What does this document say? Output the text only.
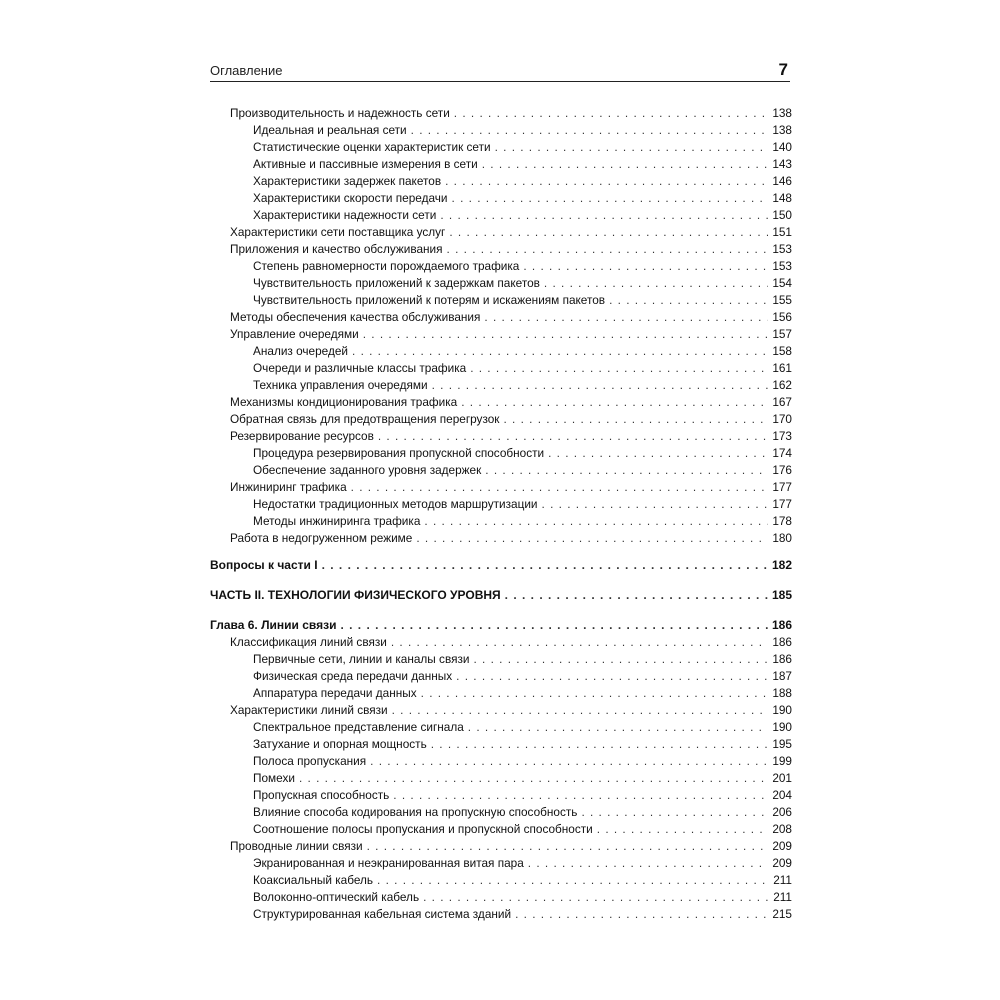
Оглавление	7
Производительность и надежность сети . . .	138
Идеальная и реальная сети . . .	138
Статистические оценки характеристик сети . . .	140
Активные и пассивные измерения в сети . . .	143
Характеристики задержек пакетов . . .	146
Характеристики скорости передачи . . .	148
Характеристики надежности сети . . .	150
Характеристики сети поставщика услуг . . .	151
Приложения и качество обслуживания . . .	153
Степень равномерности порождаемого трафика . . .	153
Чувствительность приложений к задержкам пакетов . . .	154
Чувствительность приложений к потерям и искажениям пакетов . . .	155
Методы обеспечения качества обслуживания . . .	156
Управление очередями . . .	157
Анализ очередей . . .	158
Очереди и различные классы трафика . . .	161
Техника управления очередями . . .	162
Механизмы кондиционирования трафика . . .	167
Обратная связь для предотвращения перегрузок . . .	170
Резервирование ресурсов . . .	173
Процедура резервирования пропускной способности . . .	174
Обеспечение заданного уровня задержек . . .	176
Инжиниринг трафика . . .	177
Недостатки традиционных методов маршрутизации . . .	177
Методы инжиниринга трафика . . .	178
Работа в недогруженном режиме . . .	180
Вопросы к части I . . .	182
ЧАСТЬ II. ТЕХНОЛОГИИ ФИЗИЧЕСКОГО УРОВНЯ . . .	185
Глава 6. Линии связи . . .	186
Классификация линий связи . . .	186
Первичные сети, линии и каналы связи . . .	186
Физическая среда передачи данных . . .	187
Аппаратура передачи данных . . .	188
Характеристики линий связи . . .	190
Спектральное представление сигнала . . .	190
Затухание и опорная мощность . . .	195
Полоса пропускания . . .	199
Помехи . . .	201
Пропускная способность . . .	204
Влияние способа кодирования на пропускную способность . . .	206
Соотношение полосы пропускания и пропускной способности . . .	208
Проводные линии связи . . .	209
Экранированная и неэкранированная витая пара . . .	209
Коаксиальный кабель . . .	211
Волоконно-оптический кабель . . .	211
Структурированная кабельная система зданий . . .	215
